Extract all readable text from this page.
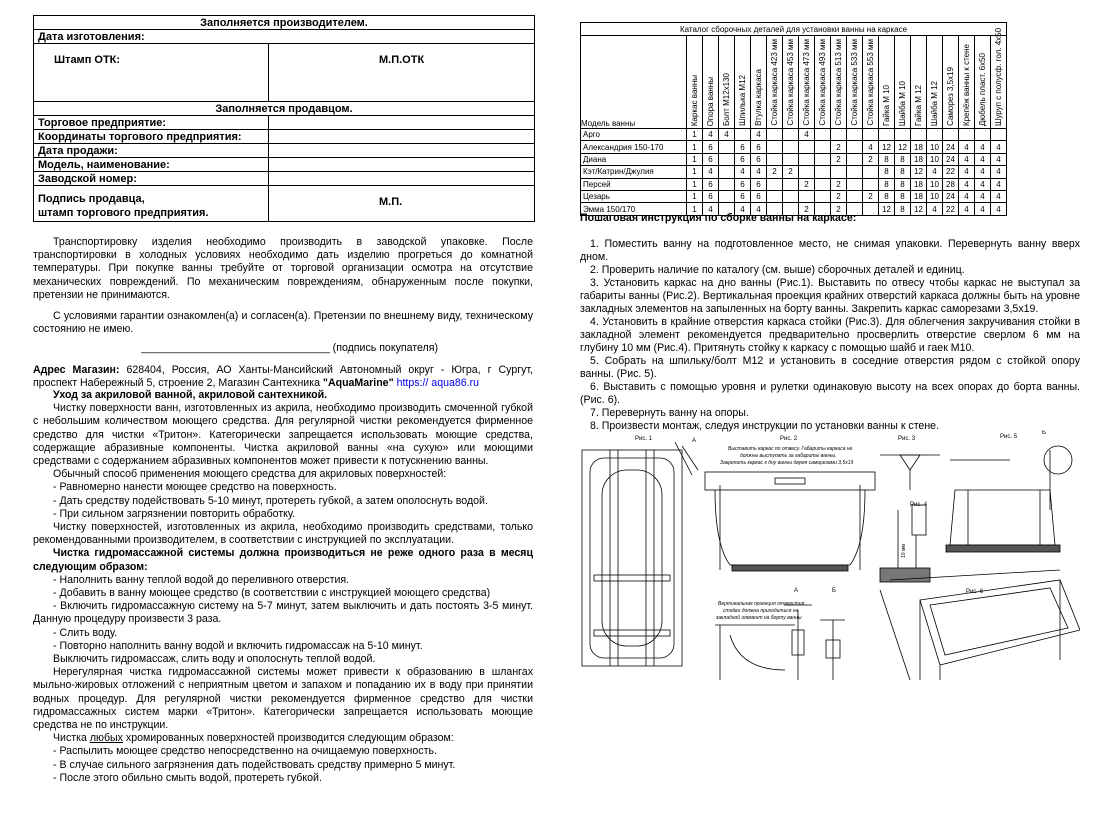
Заполняется производителем.	
Дата изготовления:	
Штамп ОТК:	М.П.ОТК
Заполняется продавцом.	
Торговое предприятие:	
Координаты торгового предприятия:	
Дата продажи:	
Модель, наименование:	
Заводской номер:	
Подпись продавца,
штамп торгового предприятия.	М.П.

Транспортировку изделия необходимо производить в заводской упаковке. После транспортировки в холодных условиях необходимо дать изделию прогреться до комнатной температуры. При покупке ванны требуйте от торговой организации осмотра на отсутствие механических повреждений. По механическим повреждениям, обнаруженным после покупки, претензии не принимаются.

С условиями гарантии ознакомлен(а) и согласен(а). Претензии по внешнему виду, техническому состоянию не имею.

________________________________ (подпись покупателя)

Адрес Магазин: 628404, Россия, АО Ханты-Мансийский Автономный округ - Югра, г Сургут, проспект Набережный 5, строение 2, Магазин Сантехника "AquaMarine" https:// aqua86.ru

Уход за акриловой ванной, акриловой сантехникой.

Чистку поверхности ванн, изготовленных из акрила, необходимо производить смоченной губкой с небольшим количеством моющего средства. Для регулярной чистки рекомендуется фирменное средство для чистки «Тритон». Категорически запрещается использовать моющие средства, содержащие абразивные компоненты. Чистка акриловой ванны «на сухую» или моющими средствами с содержанием абразивных компонентов может привести к потускнению ванны.

Обычный способ применения моющего средства для акриловых поверхностей:

- Равномерно нанести моющее средство на поверхность.

- Дать средству подействовать 5-10 минут, протереть губкой, а затем ополоснуть водой.

- При сильном загрязнении повторить обработку.

Чистку поверхностей, изготовленных из акрила, необходимо производить средствами, только рекомендованными производителем, в соответствии с инструкцией по эксплуатации.

Чистка гидромассажной системы должна производиться не реже одного раза в месяц следующим образом:

- Наполнить ванну теплой водой до переливного отверстия.

- Добавить в ванну моющее средство (в соответствии с инструкцией моющего средства)

- Включить гидромассажную систему на 5-7 минут, затем выключить и дать постоять 3-5 минут. Данную процедуру произвести 3 раза.

- Слить воду.

- Повторно наполнить ванну водой и включить гидромассаж на 5-10 минут.

Выключить гидромассаж, слить воду и ополоснуть теплой водой.

Нерегулярная чистка гидромассажной системы может привести к образованию в шлангах мыльно-жировых отложений с неприятным цветом и запахом и попаданию их в воду при принятии водных процедур. Для регулярной чистки рекомендуется фирменное средство для чистки гидромассажных систем марки «Тритон». Категорически запрещается использовать моющие средства не по инструкции.

Чистка любых хромированных поверхностей производится следующим образом:

- Распылить моющее средство непосредственно на очищаемую поверхность.

- В случае сильного загрязнения дать подействовать средству примерно 5 минут.

- После этого обильно смыть водой, протереть губкой.

Каталог сборочных деталей для установки ванны на каркасе																				
Модель ванны	Каркас ванны	Опора ванны	Болт М12х130	Шпилька М12	Втулка каркаса	Стойка каркаса 423 мм	Стойка каркаса 453 мм	Стойка каркаса 473 мм	Стойка каркаса 493 мм	Стойка каркаса 513 мм	Стойка каркаса 533 мм	Стойка каркаса 553 мм	Гайка М 10	Шайба М 10	Гайка М 12	Шайба М 12	Саморез 3,5х19	Крепёж ванны к стене	Дюбель пласт. 6х50	Шуруп с полусф. гол. 4х50
Арго	1	4	4		4			4												
Александрия 150-170	1	6		6	6					2		4	12	12	18	10	24	4	4	4
Диана	1	6		6	6					2		2	8	8	18	10	24	4	4	4
Кэт/Катрин/Джулия	1	4		4	4	2	2						8	8	12	4	22	4	4	4
Персей	1	6		6	6			2		2			8	8	18	10	28	4	4	4
Цезарь	1	6		6	6					2		2	8	8	18	10	24	4	4	4
Эмма 150/170	1	4		4	4			2		2			12	8	12	4	22	4	4	4

Пошаговая инструкция по сборке ванны на каркасе:

1. Поместить ванну на подготовленное место, не снимая упаковки. Перевернуть ванну вверх дном.

2. Проверить наличие по каталогу (см. выше) сборочных деталей и единиц.

3. Установить каркас на дно ванны (Рис.1). Выставить по отвесу чтобы каркас не выступал за габариты ванны (Рис.2). Вертикальная проекция крайних отверстий каркаса должны быть на уровне закладных элементов на запыленных на борту ванны. Закрепить каркас саморезами 3,5х19.

4. Установить в крайние отверстия каркаса стойки (Рис.3). Для облегчения закручивания стойки в закладной элемент рекомендуется предварительно просверлить отверстие сверлом 6 мм на глубину 10 мм (Рис.4). Притянуть стойку к каркасу с помощью шайб и гаек М10.

5. Собрать на шпильку/болт М12 и установить в соседние отверстия рядом с стойкой опору ванны. (Рис. 5).

6. Выставить с помощью уровня и рулетки одинаковую высоту на всех опорах до борта ванны. (Рис. 6).

7. Перевернуть ванну на опоры.

8. Произвести монтаж, следуя инструкции по установки ванны к стене.

Рис. 1	А	Рис. 2	Рис. 3
Рис. 4
Рис. 5
Б
Рис. 6
А	Б
10 мм
Выставить каркас по отвесу. Габариты каркаса не
должны выступать за габариты ванны.
Закрепить каркас к дну ванны двумя саморезами 3,5х19
Вертикальная проекция отверстия
стойки должна приходиться на
закладной элемент на борту ванны
